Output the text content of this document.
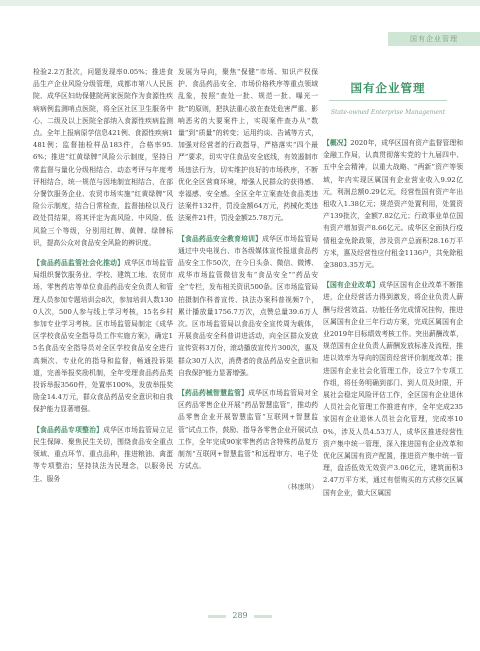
国有企业管理

检验2.2万批次，问题发现率0.05%；推进食品生产企业风险分级管理，成都市第八人民医院、成华区妇幼保健院两家医院作为食源性疾病病例监测哨点医院，将全区社区卫生服务中心、二级及以上医院全部纳入食源性疾病监测点。全年上报病原学信息421例、食源性疾病1481例；监督抽检样品183件，合格率95.6%；推进“红黄绿牌”风险公示制度，坚持日常监督与量化分级相结合、动态考评与年度考评相结合，统一规范与因地制宜相结合，在部分餐饮服务企业、农贸市场实施“红黄绿牌”风险公示制度，结合日常检查，监督抽检以及行政处罚结果，将其评定为高风险、中风险、低风险三个等级，分别用红牌、黄牌、绿牌标识，提高公众对食品安全风险的辨识度。

【食品药品监管社会化推动】成华区市场监管局组织餐饮服务业、学校、建筑工地、农贸市场、零售药店等单位食品药品安全负责人和管理人员参加专题培训会8次，参加培训人数1300人次，500人参与线上学习考核，15名乡村参加专业学习考核。区市场监管局制定《成华区学校食品安全指导员工作实施方案》，确定15名食品安全指导员对全区学校食品安全进行高频次、专业化的指导和监督，畅通投诉渠道，完善举报奖励机制，全年受理食品药品类投诉举报3560件，处置率100%，发放举报奖励金14.4万元，群众食品药品安全意识和自我保护能力显著增强。

【食品药品专项整治】成华区市场监管局立足民生保障、聚焦民生关切，围绕食品安全重点领域、重点环节、重点品种，推进粮油、禽蛋等专项整治；坚持执法为民理念，以服务民生、服务

发展为导向，聚焦“保健”市场、知识产权保护、食品药品安全、市场价格秩序等重点领域乱象，按照“查处一批、规范一批、曝光一批”的原则，把执法重心放在查处危害严重、影响恶劣的大要案件上，实现案件查办从“数量”到“质量”的转变；运用约谈、告诫等方式，加强对经营者的行政指导，严格落实“四个最严”要求，切实守住食品安全底线，有效遏制市场违法行为，切实维护良好的市场秩序，不断优化全区营商环境，增强人民群众的获得感、幸福感、安全感。全区全年立案查处食品类违法案件132件，罚没金额64万元，药械化类违法案件21件，罚没金额25.78万元。

【食品药品安全教育培训】成华区市场监管局通过中央电视台、市各级媒体宣传报道食品药品安全工作50次，在今日头条、微信、微博、成华市场监管微信发布“食品安全”“药品安全”专栏，发布相关资讯500条。区市场监管局拍摄制作科普宣传、执法办案科普视频7个，累计播放量1756.7万次，点赞总量39.6万人次。区市场监管局以食品安全宣传周为载体，开展食品安全科普讲进活动，向全区群众发放宣传资料3万份，滚动播放宣传片300次，惠及群众30万人次，消费者的食品药品安全意识和自我保护能力显著增强。

【药品药械智慧监管】成华区市场监管局对全区药品零售企业开展“药品智慧监管”，推动药品零售企业开展智慧监管“互联网+智慧监管”试点工作，鼓励、指导各零售企业开展试点工作，全年完成90家零售药店含特殊药品复方制剂“互联网+智慧监管”和远程审方、电子处方试点。

（林康琪）

国有企业管理
State-owned Enterprise Management

【概况】2020年，成华区国有资产监督管理和金融工作局，认真贯彻落实党的十九届四中、五中全会精神，以重大战略、“两新”资产等领域，年内实现区属国有企业营业收入9.92亿元，利润总额0.29亿元，经营性国有资产年出租收入1.38亿元；规范资产处置利用，处置资产139批次，金额7.82亿元；行政事业单位国有资产增加资产8.66亿元。成华区全面执行疫情租金免除政策，涉及资产总面积28.16万平方米，惠及经营性应付租金1136户，共免除租金3803.35万元。

【国有企业改革】成华区国有企业改革不断推进，企业经营活力得到激发，将企业负责人薪酬与经营效益、功能任务完成情况挂钩，推进区属国有企业三年行动方案，完成区属国有企业2019年目标绩效考核工作。突出薪酬改革，规范国有企业负责人薪酬发放标准及流程，推进以效率为导向的国资经营评价制度改革；推进国有企业社会化管理工作，设立7个专项工作组，将任务明确到部门、到人员及时限，开展社会稳定风险评估工作，全区国有企业退休人员社会化管理工作推进有序，全年完成235家国有企业退休人员社会化管理，完成率100%，涉及人员4.53万人，成华区推进经营性资产集中统一管理，深入推进国有企业改革和优化区属国有资产配置，推进资产集中统一管理，盘活低效无效资产3.06亿元，建筑面积32.47万平方米，通过有偿购买的方式移交区属国有企业，做大区属国

289
